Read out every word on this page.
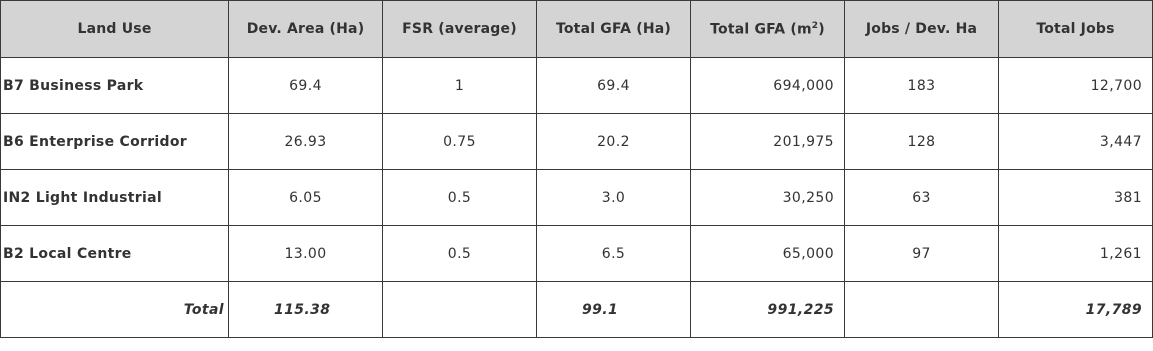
Land Use	Dev. Area (Ha)	FSR (average)	Total GFA (Ha)	Total GFA $(m^2)$	Jobs / Dev. Ha	Total Jobs
B7 Business Park	69.4	1	69.4	694,000	183	12,700
B6 Enterprise Corridor	26.93	0.75	20.2	201,975	128	3,447
IN2 Light Industrial	6.05	0.5	3.0	30,250	63	381
B2 Local Centre	13.00	0.5	6.5	65,000	97	1,261
Total	115.38		99.1	991,225		17,789
